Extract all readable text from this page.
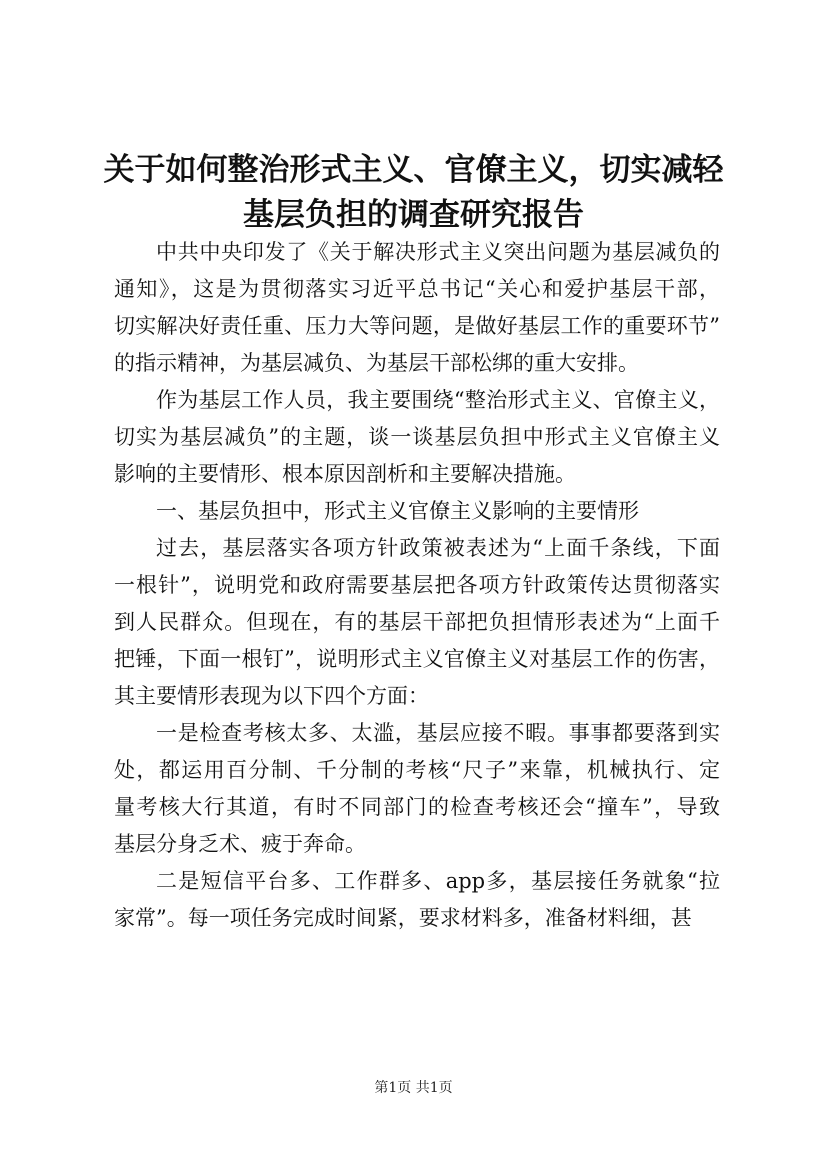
关于如何整治形式主义、官僚主义，切实减轻
基层负担的调查研究报告

中共中央印发了《关于解决形式主义突出问题为基层减负的
通知》，这是为贯彻落实习近平总书记“关心和爱护基层干部，
切实解决好责任重、压力大等问题，是做好基层工作的重要环节”
的指示精神，为基层减负、为基层干部松绑的重大安排。

作为基层工作人员，我主要围绕“整治形式主义、官僚主义，
切实为基层减负”的主题，谈一谈基层负担中形式主义官僚主义
影响的主要情形、根本原因剖析和主要解决措施。

一、基层负担中，形式主义官僚主义影响的主要情形

过去，基层落实各项方针政策被表述为“上面千条线，下面
一根针”，说明党和政府需要基层把各项方针政策传达贯彻落实
到人民群众。但现在，有的基层干部把负担情形表述为“上面千
把锤，下面一根钉”，说明形式主义官僚主义对基层工作的伤害，
其主要情形表现为以下四个方面：

一是检查考核太多、太滥，基层应接不暇。事事都要落到实
处，都运用百分制、千分制的考核“尺子”来靠，机械执行、定
量考核大行其道，有时不同部门的检查考核还会“撞车”，导致
基层分身乏术、疲于奔命。

二是短信平台多、工作群多、app多，基层接任务就象“拉
家常”。每一项任务完成时间紧，要求材料多，准备材料细，甚

第1页 共1页
